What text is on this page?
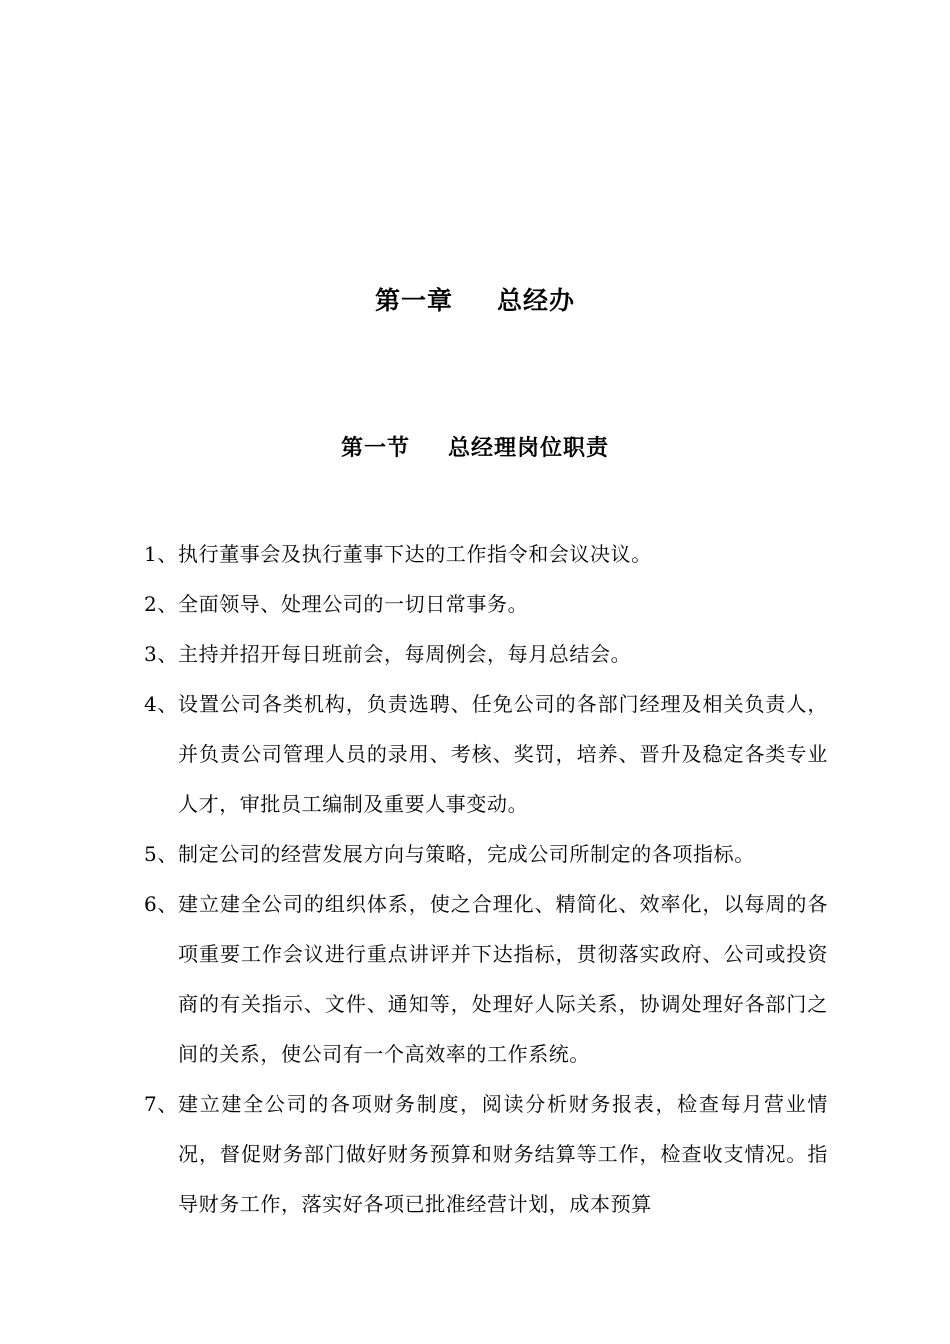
第一章 总经办
第一节 总经理岗位职责
1、 执行董事会及执行董事下达的工作指令和会议决议。
2、 全面领导、处理公司的一切日常事务。
3、 主持并招开每日班前会，每周例会，每月总结会。
4、 设置公司各类机构，负责选聘、任免公司的各部门经理及相关负责人，并负责公司管理人员的录用、考核、奖罚，培养、晋升及稳定各类专业人才，审批员工编制及重要人事变动。
5、 制定公司的经营发展方向与策略，完成公司所制定的各项指标。
6、 建立建全公司的组织体系，使之合理化、精简化、效率化，以每周的各项重要工作会议进行重点讲评并下达指标，贯彻落实政府、公司或投资商的有关指示、文件、通知等，处理好人际关系，协调处理好各部门之间的关系，使公司有一个高效率的工作系统。
7、 建立建全公司的各项财务制度，阅读分析财务报表，检查每月营业情况，督促财务部门做好财务预算和财务结算等工作，检查收支情况。指导财务工作，落实好各项已批准经营计划，成本预算
